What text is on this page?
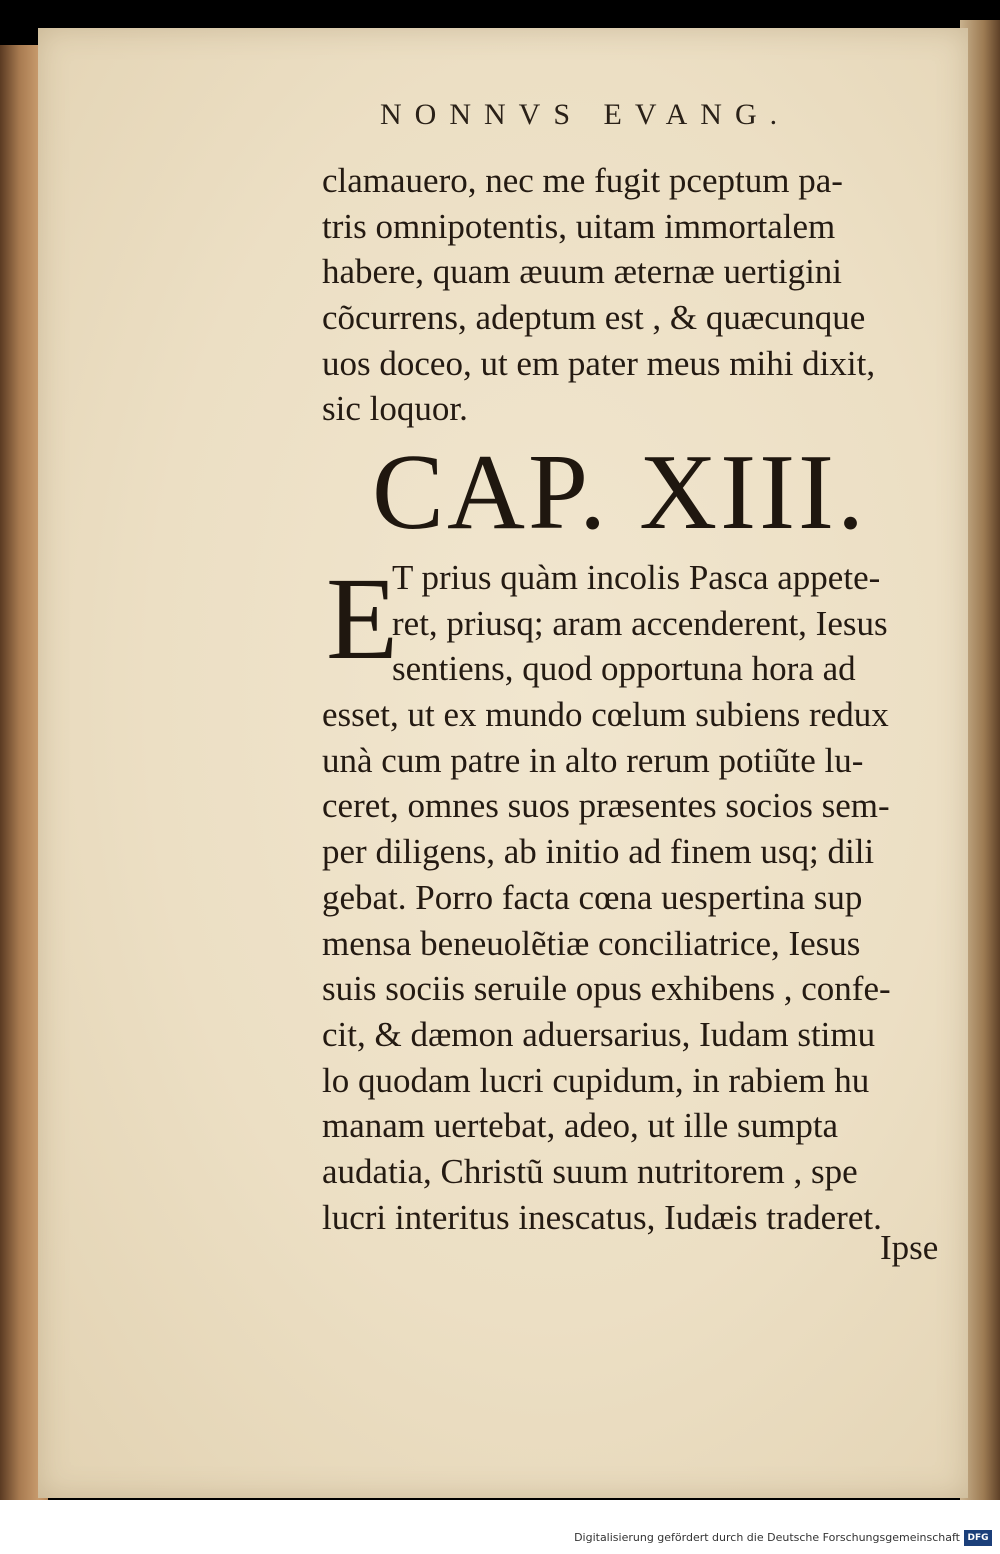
NONNVS EVANG.
clamauero, nec me fugit pceptum pa-
tris omnipotentis, uitam immortalem
habere, quam æuum æternæ uertigini
cõcurrens, adeptum est , & quæcunque
uos doceo, ut em pater meus mihi dixit,
sic loquor.
CAP. XIII.
E
T prius quàm incolis Pasca appete-
ret, priusq; aram accenderent, Iesus
sentiens, quod opportuna hora ad
esset, ut ex mundo cœlum subiens redux
unà cum patre in alto rerum potiũte lu-
ceret, omnes suos præsentes socios sem-
per diligens, ab initio ad finem usq; dili
gebat. Porro facta cœna uespertina sup
mensa beneuolẽtiæ conciliatrice, Iesus
suis sociis seruile opus exhibens , confe-
cit, & dæmon aduersarius, Iudam stimu
lo quodam lucri cupidum, in rabiem hu
manam uertebat, adeo, ut ille sumpta
audatia, Christũ suum nutritorem , spe
lucri interitus inescatus, Iudæis traderet.
Ipse
Digitalisierung gefördert durch die Deutsche Forschungsgemeinschaft DFG
